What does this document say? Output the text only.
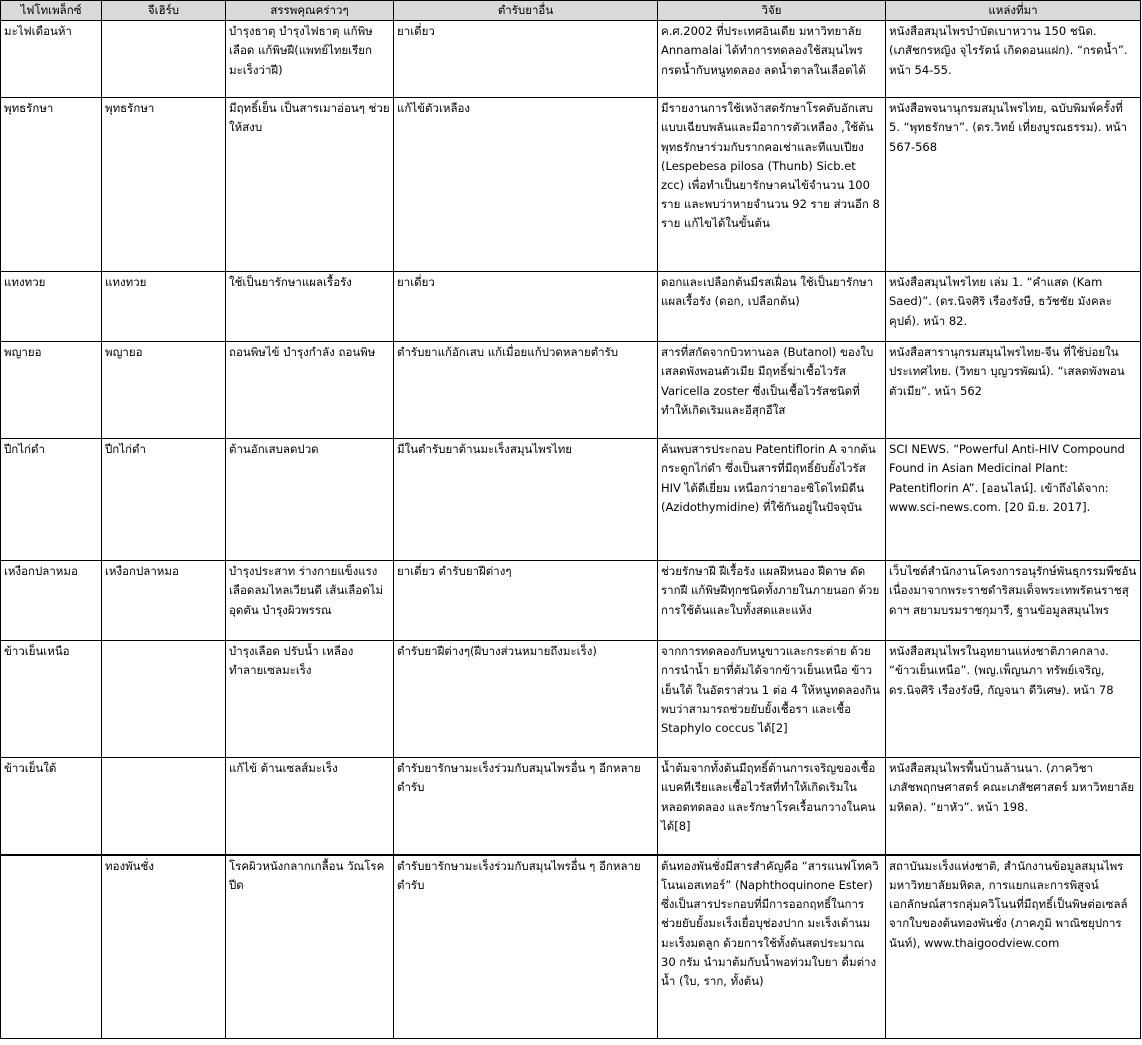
ไฟโทเพล็กซ์	จีเฮิร์บ	สรรพคุณคร่าวๆ	ตำรับยาอื่น	วิจัย	แหล่งที่มา
มะไฟเดือนห้า		บำรุงธาตุ บำรุงไฟธาตุ แก้พิษเลือด แก้พิษฝี(แพทย์ไทยเรียกมะเร็งว่าฝี)	ยาเดี่ยว	ค.ศ.2002 ที่ประเทศอินเดีย มหาวิทยาลัย Annamalai ได้ทำการทดลองใช้สมุนไพรกรดน้ำกับหนูทดลอง ลดน้ำตาลในเลือดได้	หนังสือสมุนไพรบำบัดเบาหวาน 150 ชนิด. (เภสัชกรหญิง จุไรรัตน์ เกิดดอนแฝก). “กรดน้ำ”. หน้า 54-55.
พุทธรักษา	พุทธรักษา	มีฤทธิ์เย็น เป็นสารเมาอ่อนๆ ช่วยให้สงบ	แก้ไข้ตัวเหลือง	มีรายงานการใช้เหง้าสดรักษาโรคตับอักเสบแบบเฉียบพลันและมีอาการตัวเหลือง ,ใช้ต้นพุทธรักษาร่วมกับรากคอเช่าและทีแบเปียง (Lespebesa pilosa (Thunb) Sicb.et zcc) เพื่อทำเป็นยารักษาคนไข้จำนวน 100 ราย และพบว่าหายจำนวน 92 ราย ส่วนอีก 8 ราย แก้ไขได้ในขั้นต้น	หนังสือพจนานุกรมสมุนไพรไทย, ฉบับพิมพ์ครั้งที่ 5. “พุทธรักษา”. (ดร.วิทย์ เที่ยงบูรณธรรม). หน้า 567-568
แทงทวย	แทงทวย	ใช้เป็นยารักษาแผลเรื้อรัง	ยาเดี่ยว	ดอกและเปลือกต้นมีรสเฝื่อน ใช้เป็นยารักษาแผลเรื้อรัง (ดอก, เปลือกต้น)	หนังสือสมุนไพรไทย เล่ม 1. “คำแสด (Kam Saed)”. (ดร.นิจศิริ เรืองรังษี, ธวัชชัย มังคละคุปต์). หน้า 82.
พญายอ	พญายอ	ถอนพิษไข้ บำรุงกำลัง ถอนพิษ	ตำรับยาแก้อักเสบ แก้เมื่อยแก้ปวดหลายตำรับ	สารที่สกัดจากบิวทานอล (Butanol) ของใบเสลดพังพอนตัวเมีย มีฤทธิ์ฆ่าเชื้อไวรัส Varicella zoster ซึ่งเป็นเชื้อไวรัสชนิดที่ทำให้เกิดเริมและอีสุกอีใส	หนังสือสารานุกรมสมุนไพรไทย-จีน ที่ใช้บ่อยในประเทศไทย. (วิทยา บุญวรพัฒน์). “เสลดพังพอนตัวเมีย”. หน้า 562
ปีกไก่ดำ	ปีกไก่ดำ	ต้านอักเสบลดปวด	มีในตำรับยาต้านมะเร็งสมุนไพรไทย	ค้นพบสารประกอบ Patentiflorin A จากต้นกระดูกไก่ดำ ซึ่งเป็นสารที่มีฤทธิ์ยับยั้งไวรัส HIV ได้ดีเยี่ยม เหนือกว่ายาอะซิโดไทมิดีน (Azidothymidine) ที่ใช้กันอยู่ในปัจจุบัน	SCI NEWS. “Powerful Anti-HIV Compound Found in Asian Medicinal Plant: Patentiflorin A”. [ออนไลน์]. เข้าถึงได้จาก: www.sci-news.com. [20 มิ.ย. 2017].
เหงือกปลาหมอ	เหงือกปลาหมอ	บำรุงประสาท ร่างกายแข็งแรง เลือดลมไหลเวียนดี เส้นเลือดไม่อุดตัน บำรุงผิวพรรณ	ยาเดี่ยว ตำรับยาฝีต่างๆ	ช่วยรักษาฝี ฝีเรื้อรัง แผลฝีหนอง ฝีดาษ ดัดรากฝี แก้พิษฝีทุกชนิดทั้งภายในภายนอก ด้วยการใช้ต้นและใบทั้งสดและแห้ง	เว็บไซต์สำนักงานโครงการอนุรักษ์พันธุกรรมพืชอันเนื่องมาจากพระราชดำริสมเด็จพระเทพรัตนราชสุดาฯ สยามบรมราชกุมารี, ฐานข้อมูลสมุนไพร
ข้าวเย็นเหนือ		บำรุงเลือด ปรับน้ำ เหลือง ทำลายเซลมะเร็ง	ตำรับยาฝีต่างๆ(ฝีบางส่วนหมายถึงมะเร็ง)	จากการทดลองกับหนูขาวและกระต่าย ด้วยการนำน้ำ ยาที่ต้มได้จากข้าวเย็นเหนือ ข้าวเย็นใต้ ในอัตราส่วน 1 ต่อ 4 ให้หนูทดลองกินพบว่าสามารถช่วยยับยั้งเชื้อรา และเชื้อ Staphylo coccus ได้[2]	หนังสือสมุนไพรในอุทยานแห่งชาติภาคกลาง. “ข้าวเย็นเหนือ”. (พญ.เพ็ญนภา ทรัพย์เจริญ, ดร.นิจศิริ เรืองรังษี, กัญจนา ดีวิเศษ). หน้า 78
ข้าวเย็นใต้		แก้ไข้ ต้านเซลส์มะเร็ง	ตำรับยารักษามะเร็งร่วมกับสมุนไพรอื่น ๆ อีกหลายตำรับ	น้ำต้มจากทั้งต้นมีฤทธิ์ต้านการเจริญของเชื้อแบคทีเรียและเชื้อไวรัสที่ทำให้เกิดเริมในหลอดทดลอง และรักษาโรคเรื้อนกวางในคนได้[8]	หนังสือสมุนไพรพื้นบ้านล้านนา. (ภาควิชาเภสัชพฤกษศาสตร์ คณะเภสัชศาสตร์ มหาวิทยาลัยมหิดล). “ยาหัว”. หน้า 198.
	ทองพันชั่ง	โรคผิวหนังกลากเกลื้อน วัณโรคปีด	ตำรับยารักษามะเร็งร่วมกับสมุนไพรอื่น ๆ อีกหลายตำรับ	ต้นทองพันชั่งมีสารสำคัญคือ “สารแนฟโทควิโนนเอสเทอร์” (Naphthoquinone Ester) ซึ่งเป็นสารประกอบที่มีการออกฤทธิ์ในการช่วยยับยั้งมะเร็งเยื่อบุช่องปาก มะเร็งเต้านม มะเร็งมดลูก ด้วยการใช้ทั้งต้นสดประมาณ 30 กรัม นำมาต้มกับน้ำพอท่วมใบยา ดื่มต่างน้ำ (ใบ, ราก, ทั้งต้น)	สถาบันมะเร็งแห่งชาติ, สำนักงานข้อมูลสมุนไพร มหาวิทยาลัยมหิดล, การแยกและการพิสูจน์เอกลักษณ์สารกลุ่มควิโนนที่มีฤทธิ์เป็นพิษต่อเซลล์ จากใบของต้นทองพันชั่ง (ภาคภูมิ พาณิชยุปการนันท์), www.thaigoodview.com
